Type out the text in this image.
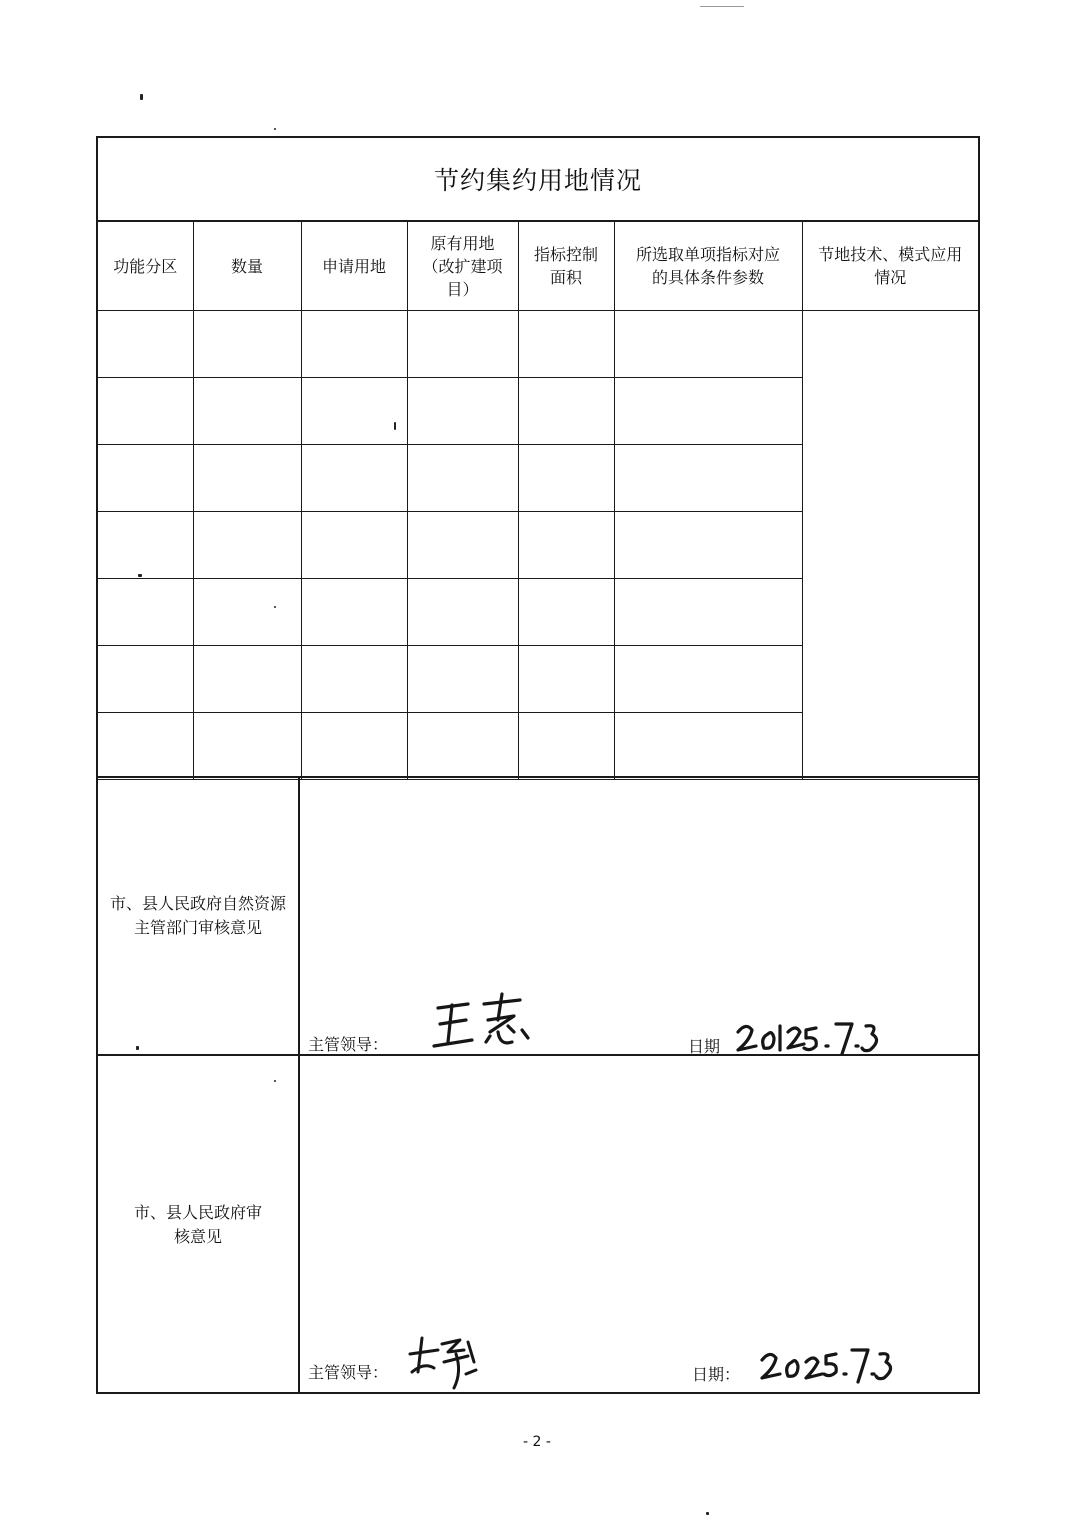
节约集约用地情况
功能分区	数量	申请用地	原有用地（改扩建项目）	指标控制面积	所选取单项指标对应的具体条件参数	节地技术、模式应用情况

市、县人民政府自然资源主管部门审核意见
主管领导：	日期
市、县人民政府审核意见
主管领导：	日期：
- 2 -
